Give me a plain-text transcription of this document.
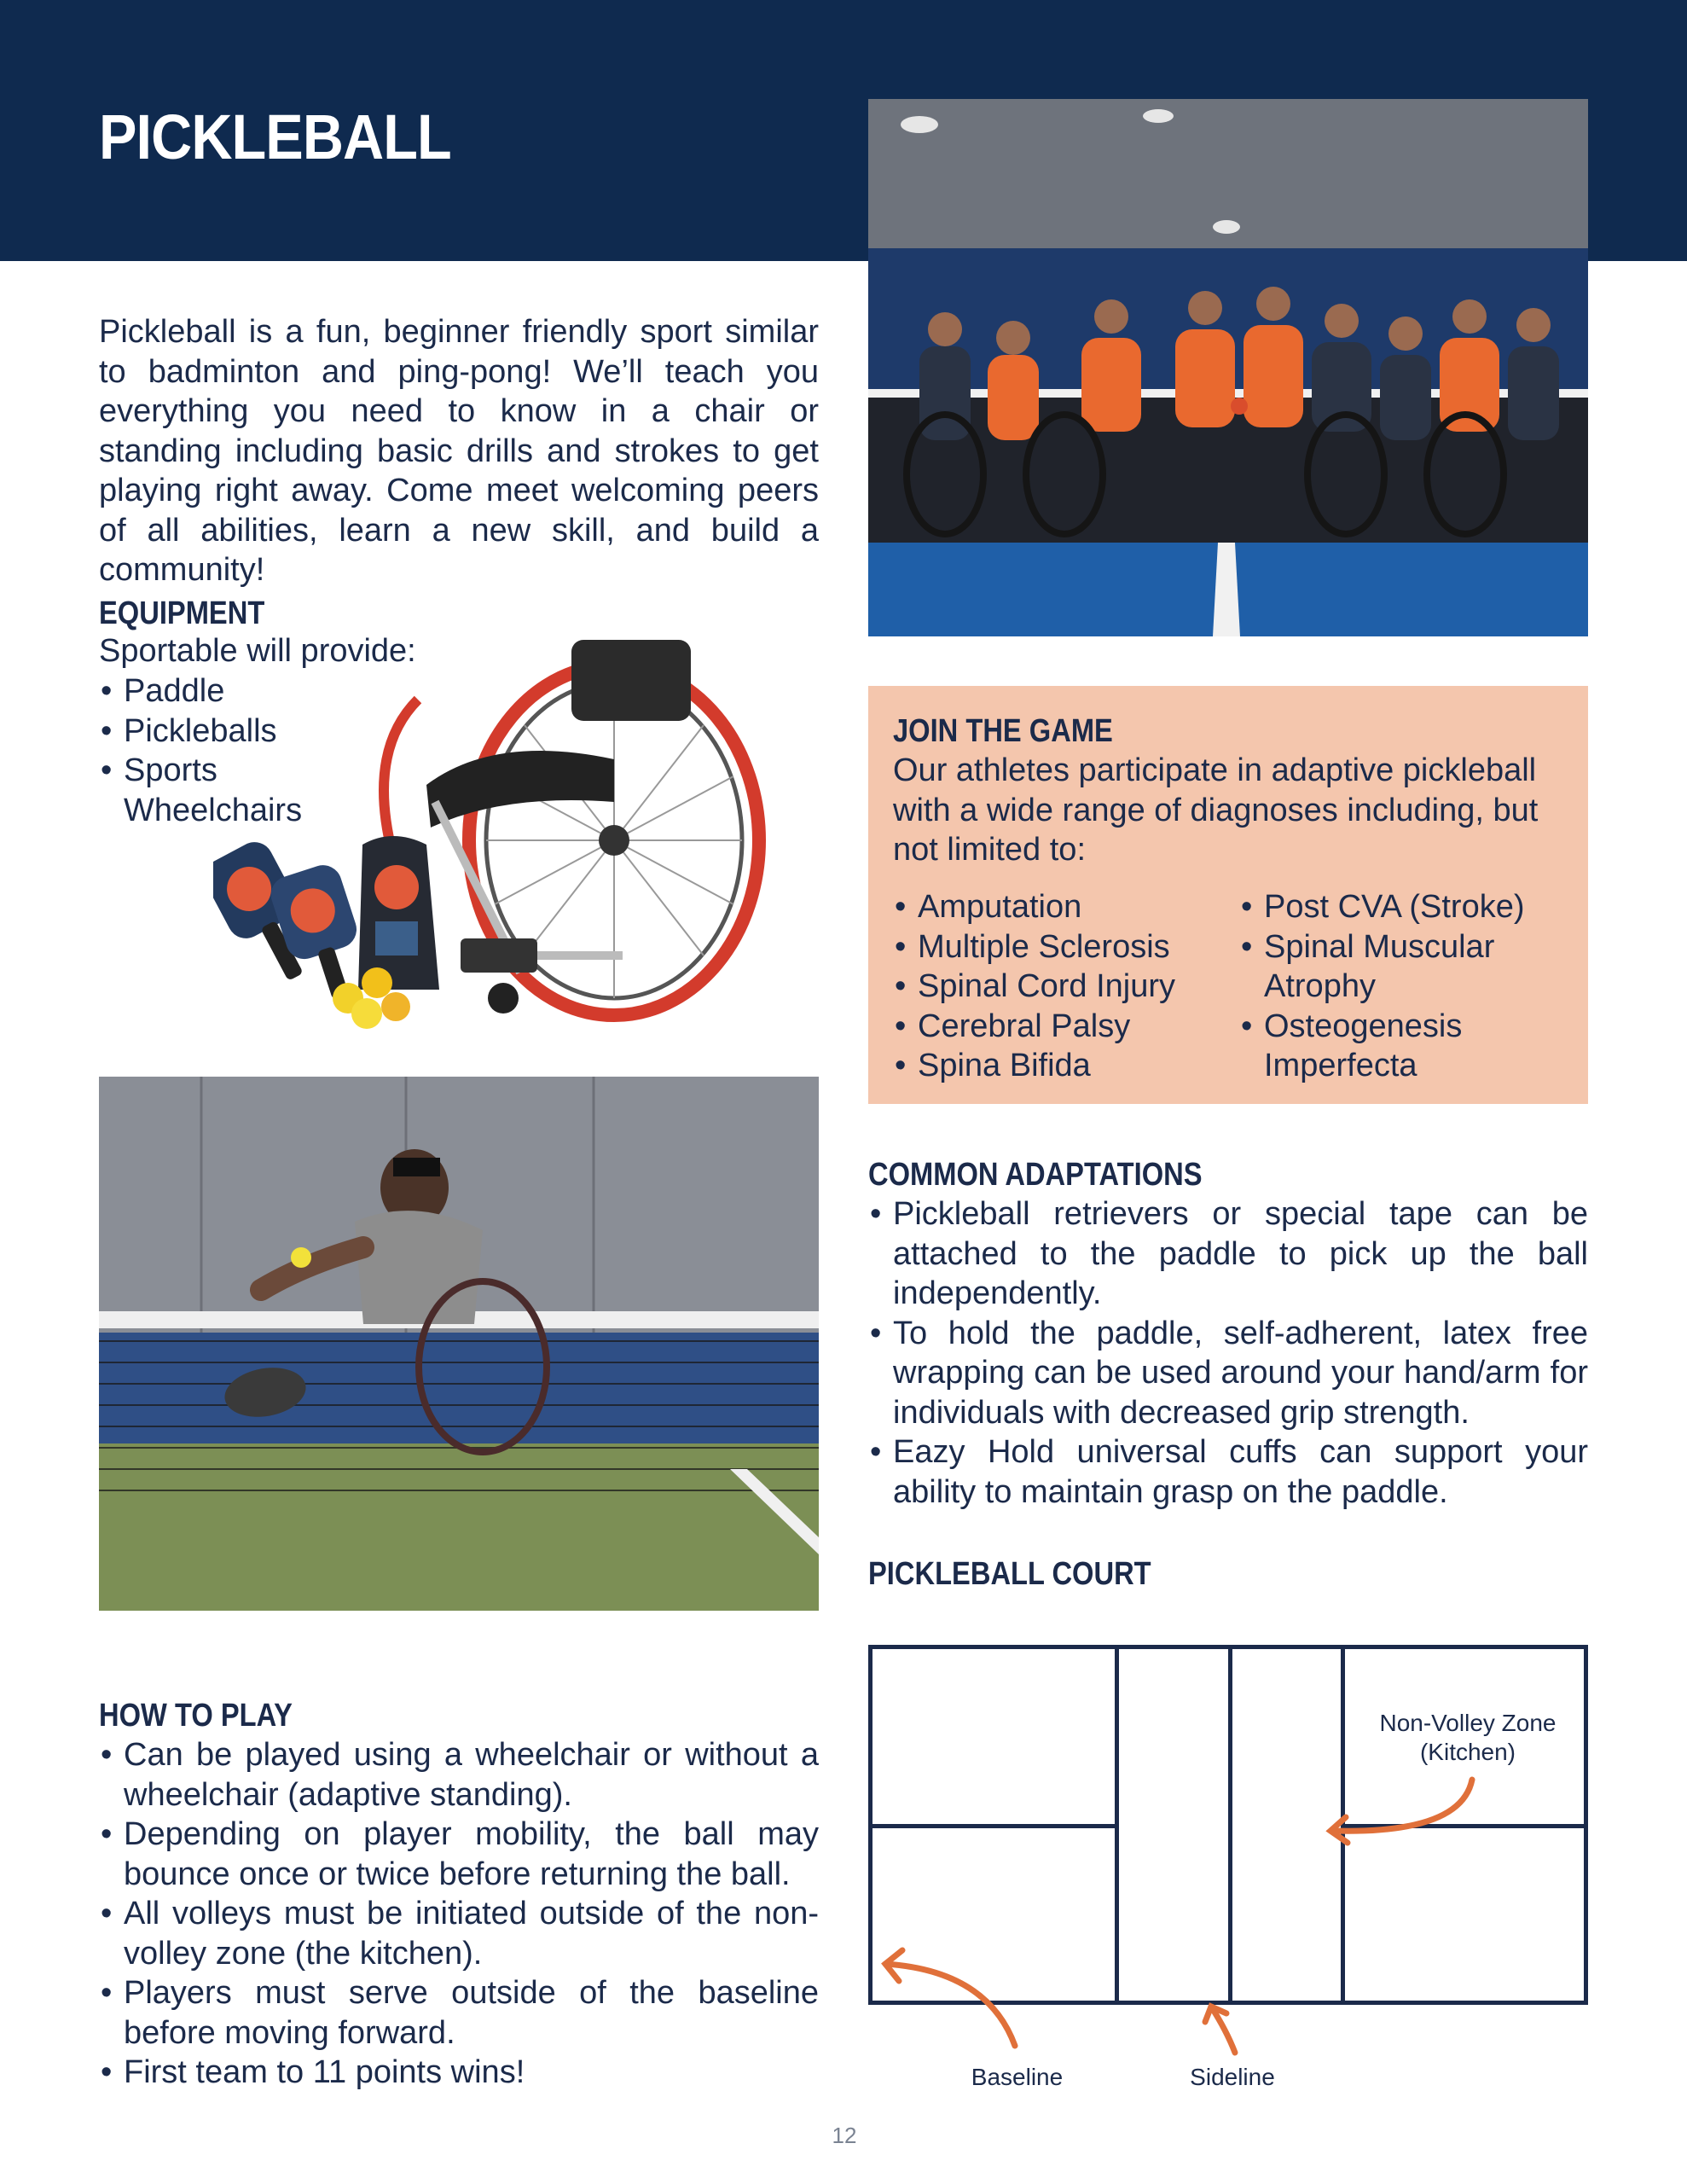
PICKLEBALL

Pickleball is a fun, beginner friendly sport similar to badminton and ping-pong! We’ll teach you everything you need to know in a chair or standing including basic drills and strokes to get playing right away. Come meet welcoming peers of all abilities, learn a new skill, and build a community!

EQUIPMENT
Sportable will provide:
• Paddle
• Pickleballs
• Sports
Wheelchairs
JOIN THE GAME

Our athletes participate in adaptive pickleball with a wide range of diagnoses including, but not limited to:

• Amputation
• Multiple Sclerosis
• Spinal Cord Injury
• Cerebral Palsy
• Spina Bifida
• Post CVA (Stroke)
• Spinal Muscular
Atrophy
• Osteogenesis
Imperfecta
COMMON ADAPTATIONS
• Pickleball retrievers or special tape can be attached to the paddle to pick up the ball independently.
• To hold the paddle, self-adherent, latex free wrapping can be used around your hand/arm for individuals with decreased grip strength.
• Eazy Hold universal cuffs can support your ability to maintain grasp on the paddle.
PICKLEBALL COURT
HOW TO PLAY
• Can be played using a wheelchair or without a wheelchair (adaptive standing).
• Depending on player mobility, the ball may bounce once or twice before returning the ball.
• All volleys must be initiated outside of the non-volley zone (the kitchen).
• Players must serve outside of the baseline before moving forward.
• First team to 11 points wins!
Non-Volley Zone
(Kitchen)
Baseline	Sideline
12
